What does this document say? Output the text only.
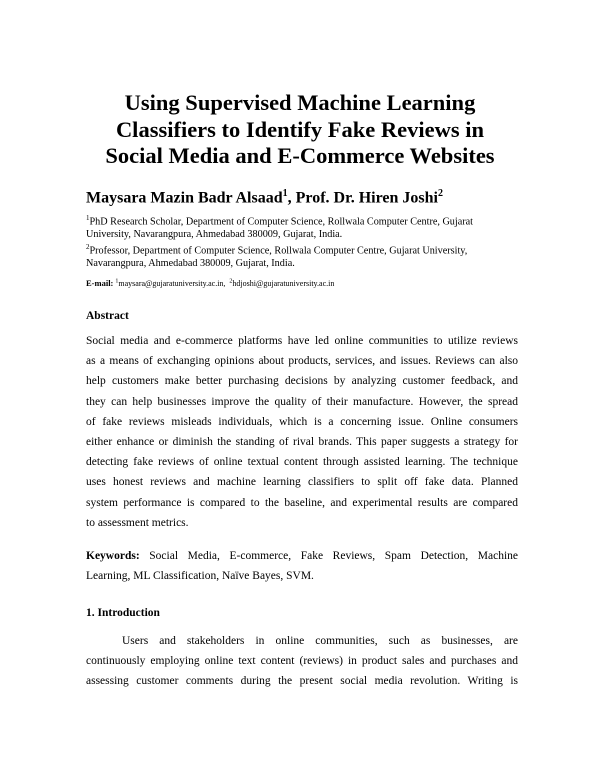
Using Supervised Machine Learning
Classifiers to Identify Fake Reviews in
Social Media and E-Commerce Websites
Maysara Mazin Badr Alsaad$^1$, Prof. Dr. Hiren Joshi$^2$
$^1$PhD Research Scholar, Department of Computer Science, Rollwala Computer Centre, Gujarat
University, Navarangpura, Ahmedabad 380009, Gujarat, India.
$^2$Professor, Department of Computer Science, Rollwala Computer Centre, Gujarat University,
Navarangpura, Ahmedabad 380009, Gujarat, India.
E-mail: $^1$maysara@gujaratuniversity.ac.in, $^2$hdjoshi@gujaratuniversity.ac.in
Abstract
Social media and e-commerce platforms have led online communities to utilize reviews
as a means of exchanging opinions about products, services, and issues. Reviews can also
help customers make better purchasing decisions by analyzing customer feedback, and
they can help businesses improve the quality of their manufacture. However, the spread
of fake reviews misleads individuals, which is a concerning issue. Online consumers
either enhance or diminish the standing of rival brands. This paper suggests a strategy for
detecting fake reviews of online textual content through assisted learning. The technique
uses honest reviews and machine learning classifiers to split off fake data. Planned
system performance is compared to the baseline, and experimental results are compared
to assessment metrics.
Keywords: Social Media, E-commerce, Fake Reviews, Spam Detection, Machine
Learning, ML Classification, Naïve Bayes, SVM.
1. Introduction
Users and stakeholders in online communities, such as businesses, are
continuously employing online text content (reviews) in product sales and purchases and
assessing customer comments during the present social media revolution. Writing is
